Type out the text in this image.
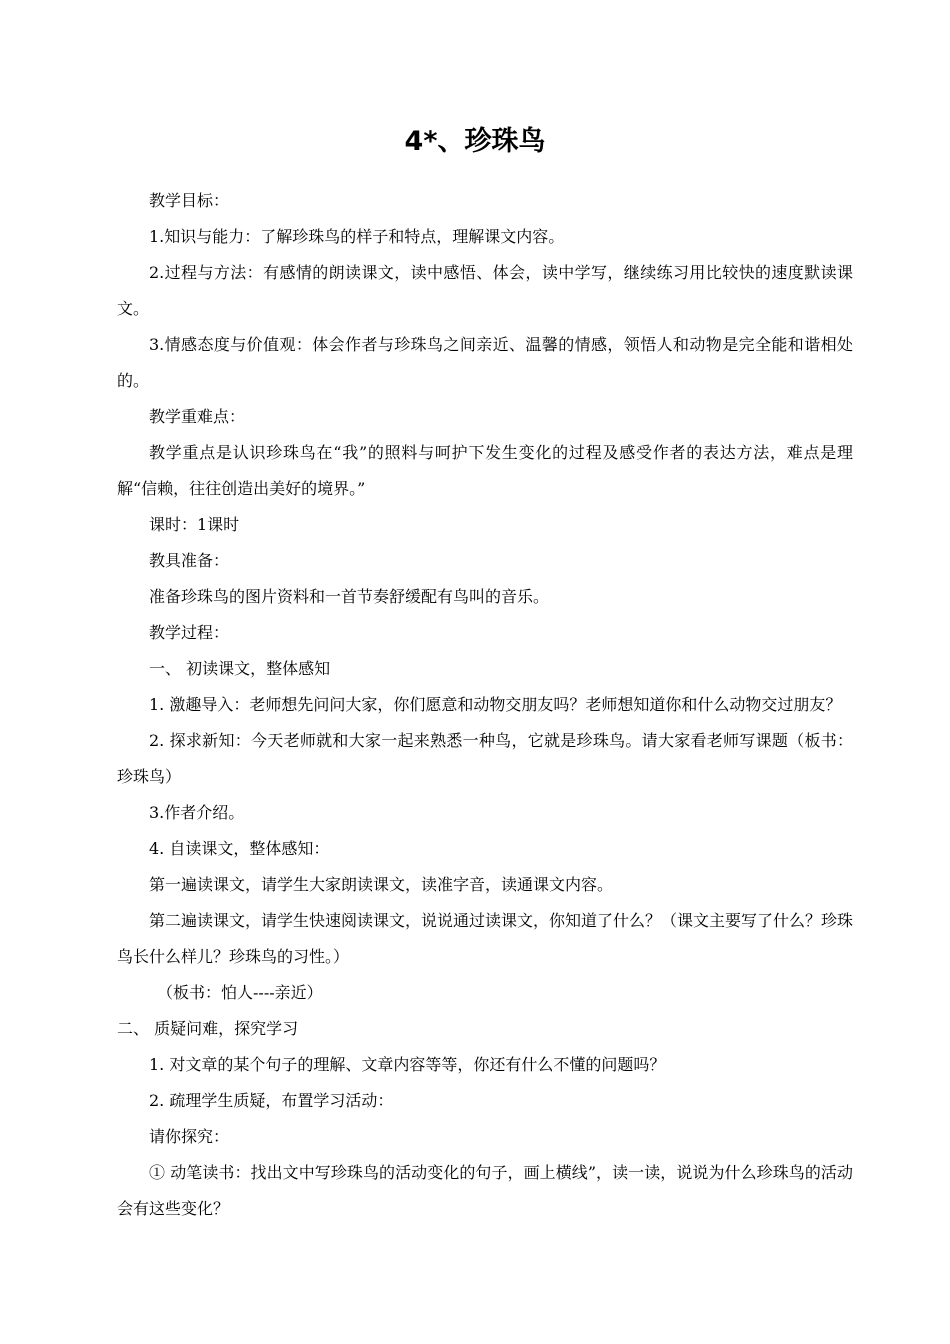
4*、珍珠鸟

教学目标：

1.知识与能力：了解珍珠鸟的样子和特点，理解课文内容。

2.过程与方法：有感情的朗读课文，读中感悟、体会，读中学写，继续练习用比较快的速度默读课文。

3.情感态度与价值观：体会作者与珍珠鸟之间亲近、温馨的情感，领悟人和动物是完全能和谐相处的。

教学重难点：

教学重点是认识珍珠鸟在“我”的照料与呵护下发生变化的过程及感受作者的表达方法，难点是理解“信赖，往往创造出美好的境界。”

课时：1课时

教具准备：

准备珍珠鸟的图片资料和一首节奏舒缓配有鸟叫的音乐。

教学过程：

一、 初读课文，整体感知

1. 激趣导入：老师想先问问大家，你们愿意和动物交朋友吗？老师想知道你和什么动物交过朋友？

2. 探求新知：今天老师就和大家一起来熟悉一种鸟，它就是珍珠鸟。请大家看老师写课题（板书：珍珠鸟）

3.作者介绍。

4. 自读课文，整体感知：

第一遍读课文，请学生大家朗读课文，读准字音，读通课文内容。

第二遍读课文，请学生快速阅读课文，说说通过读课文，你知道了什么？（课文主要写了什么？珍珠鸟长什么样儿？珍珠鸟的习性。）

（板书：怕人----亲近）

二、 质疑问难，探究学习

1. 对文章的某个句子的理解、文章内容等等，你还有什么不懂的问题吗？

2. 疏理学生质疑，布置学习活动：

请你探究：

① 动笔读书：找出文中写珍珠鸟的活动变化的句子，画上横线”，读一读，说说为什么珍珠鸟的活动会有这些变化？
